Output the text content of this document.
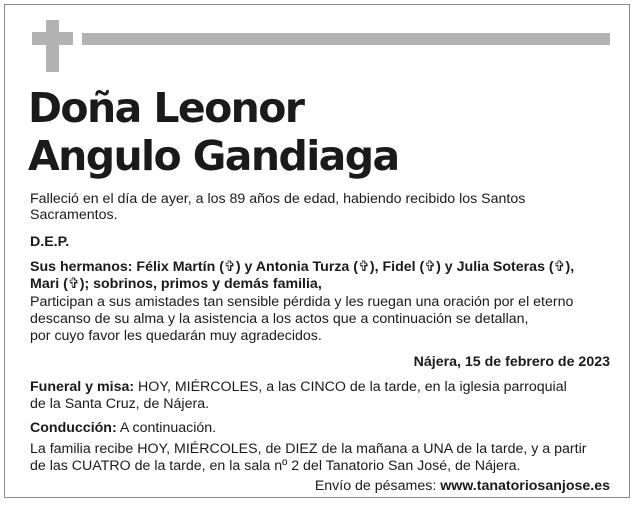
Doña Leonor
Angulo Gandiaga
Falleció en el día de ayer, a los 89 años de edad, habiendo recibido los Santos Sacramentos.
D.E.P.
Sus hermanos: Félix Martín (✞) y Antonia Turza (✞), Fidel (✞) y Julia Soteras (✞),
Mari (✞); sobrinos, primos y demás familia,
Participan a sus amistades tan sensible pérdida y les ruegan una oración por el eterno
descanso de su alma y la asistencia a los actos que a continuación se detallan,
por cuyo favor les quedarán muy agradecidos.
Nájera, 15 de febrero de 2023
Funeral y misa: HOY, MIÉRCOLES, a las CINCO de la tarde, en la iglesia parroquial
de la Santa Cruz, de Nájera.
Conducción: A continuación.
La familia recibe HOY, MIÉRCOLES, de DIEZ de la mañana a UNA de la tarde, y a partir
de las CUATRO de la tarde, en la sala nº 2 del Tanatorio San José, de Nájera.
Envío de pésames: www.tanatoriosanjose.es
